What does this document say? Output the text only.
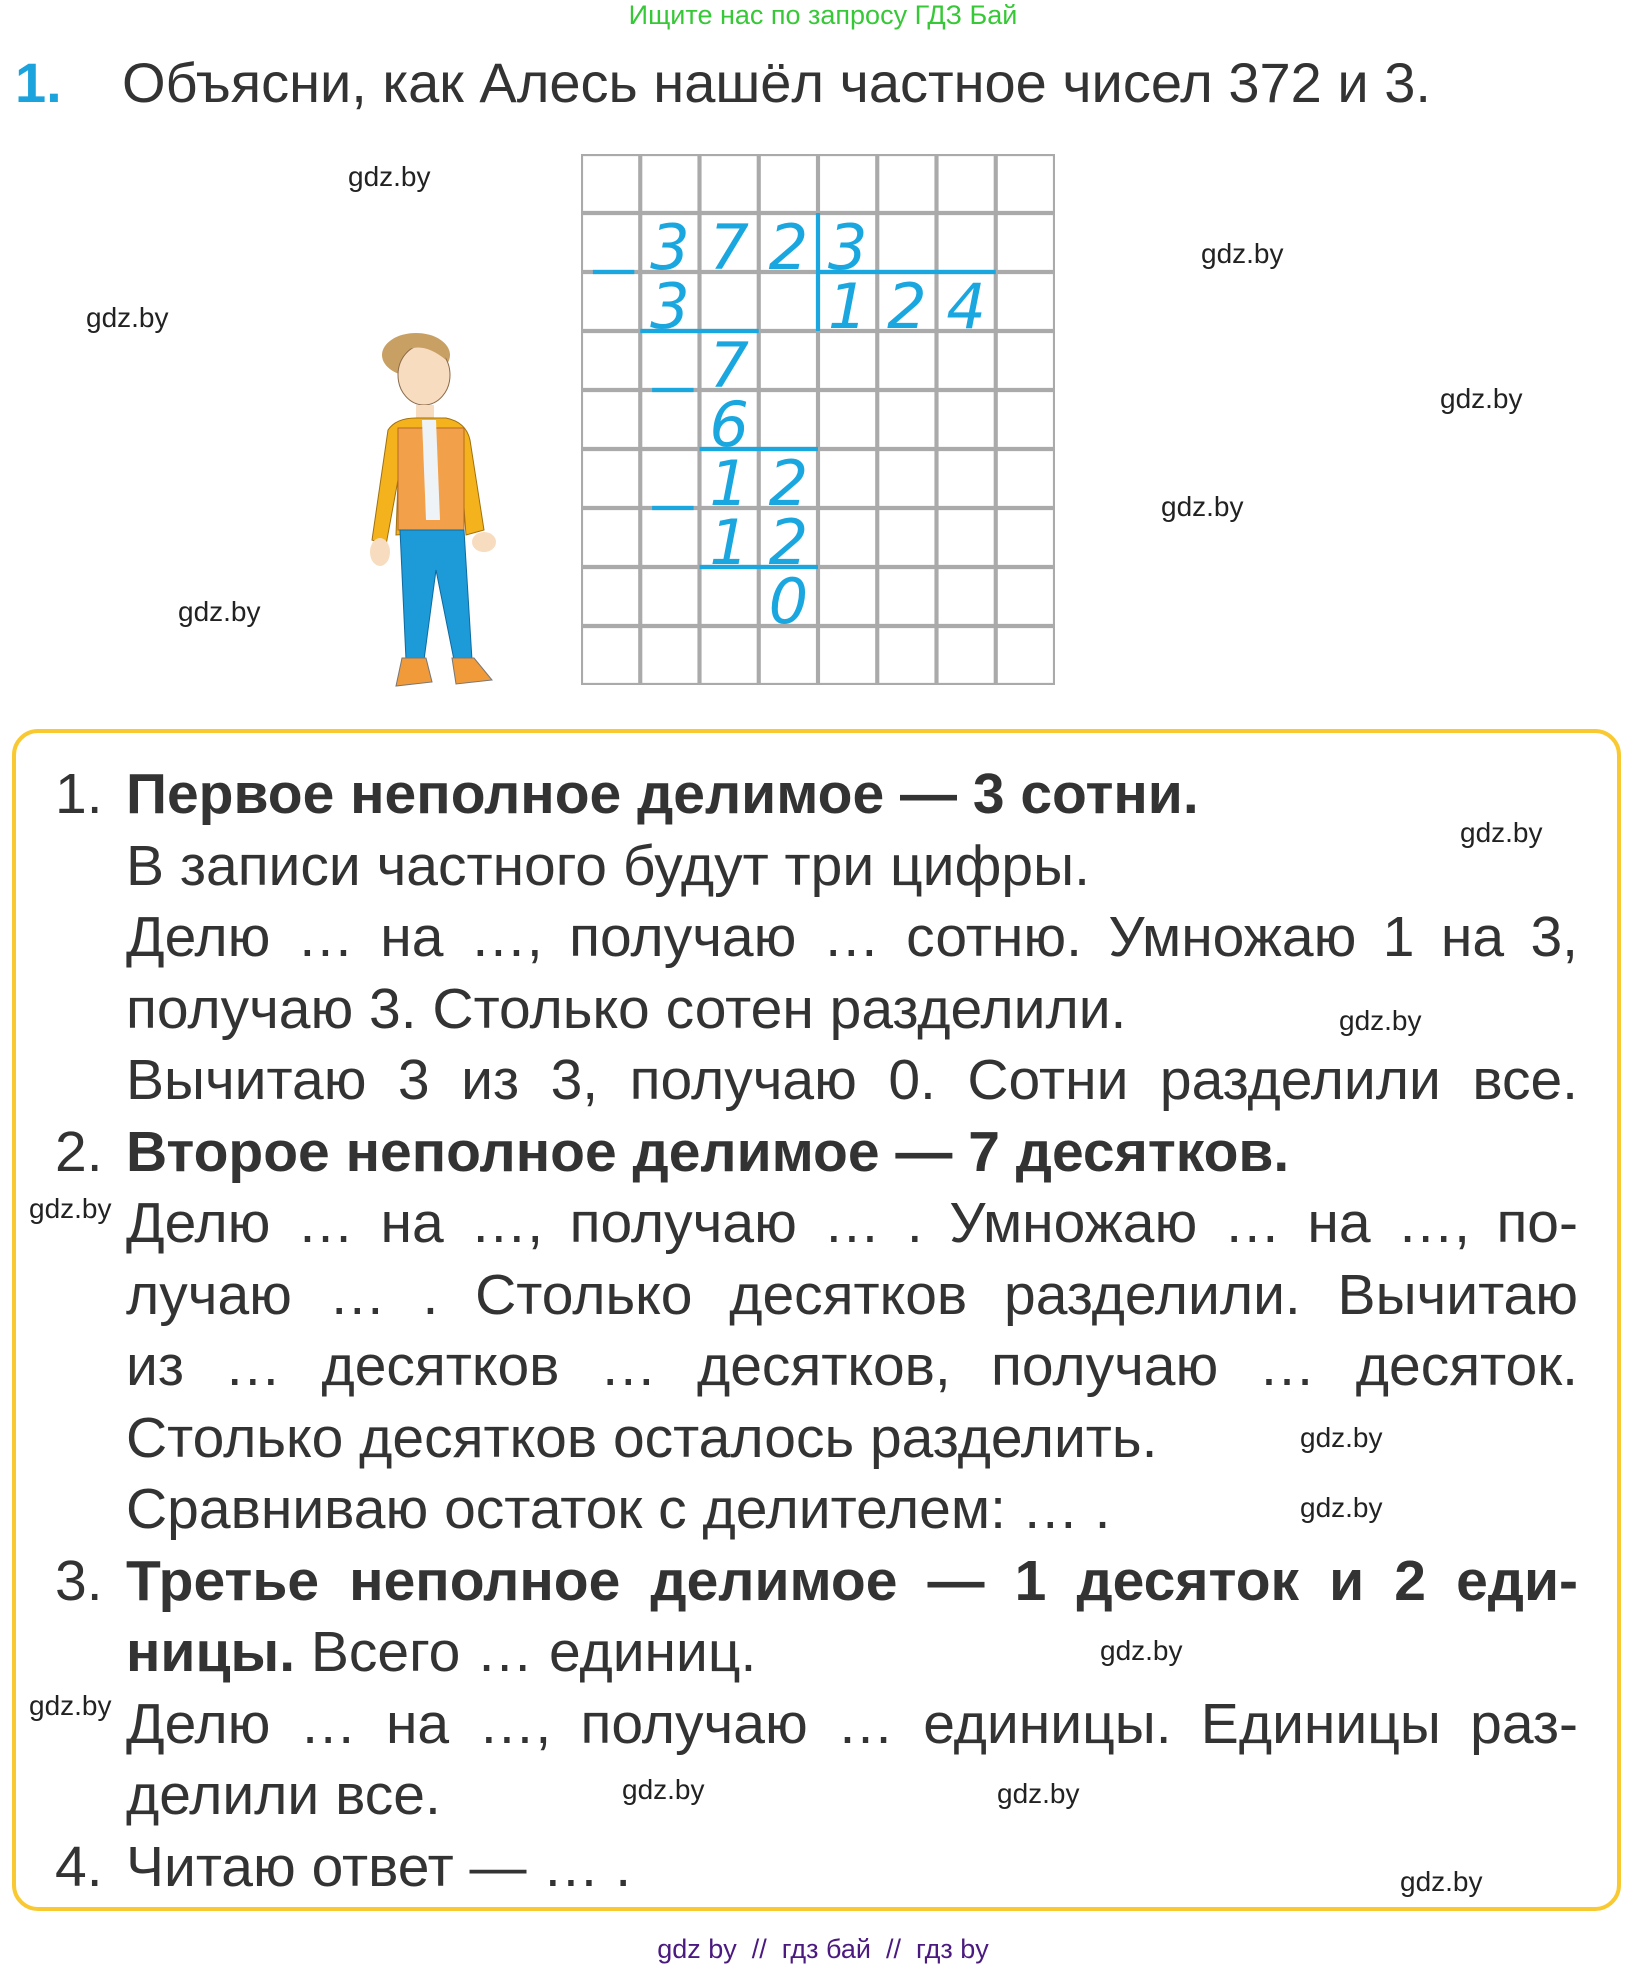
Ищите нас по запросу ГДЗ Бай
1. Объясни, как Алесь нашёл частное чисел 372 и 3.
3	7	2	3
1	2	4
3
7
6
1	2
1	2
0
1. Первое неполное делимое — 3 сотни.
В записи частного будут три цифры.
Делю … на …, получаю … сотню. Умножаю 1 на 3,
получаю 3. Столько сотен разделили.
Вычитаю 3 из 3, получаю 0. Сотни разделили все.
2. Второе неполное делимое — 7 десятков.
Делю … на …, получаю … . Умножаю … на …, по-
лучаю … . Столько десятков разделили. Вычитаю
из … десятков … десятков, получаю … десяток.
Столько десятков осталось разделить.
Сравниваю остаток с делителем: … .
3. Третье неполное делимое — 1 десяток и 2 еди-
ницы. Всего … единиц.
Делю … на …, получаю … единицы. Единицы раз-
делили все.
4. Читаю ответ — … .
gdz.by
gdz.by
gdz.by
gdz.by
gdz.by
gdz.by
gdz.by
gdz.by
gdz.by
gdz.by
gdz.by
gdz.by
gdz.by
gdz.by
gdz.by
gdz.by
gdz by  //  гдз бай  //  гдз by
